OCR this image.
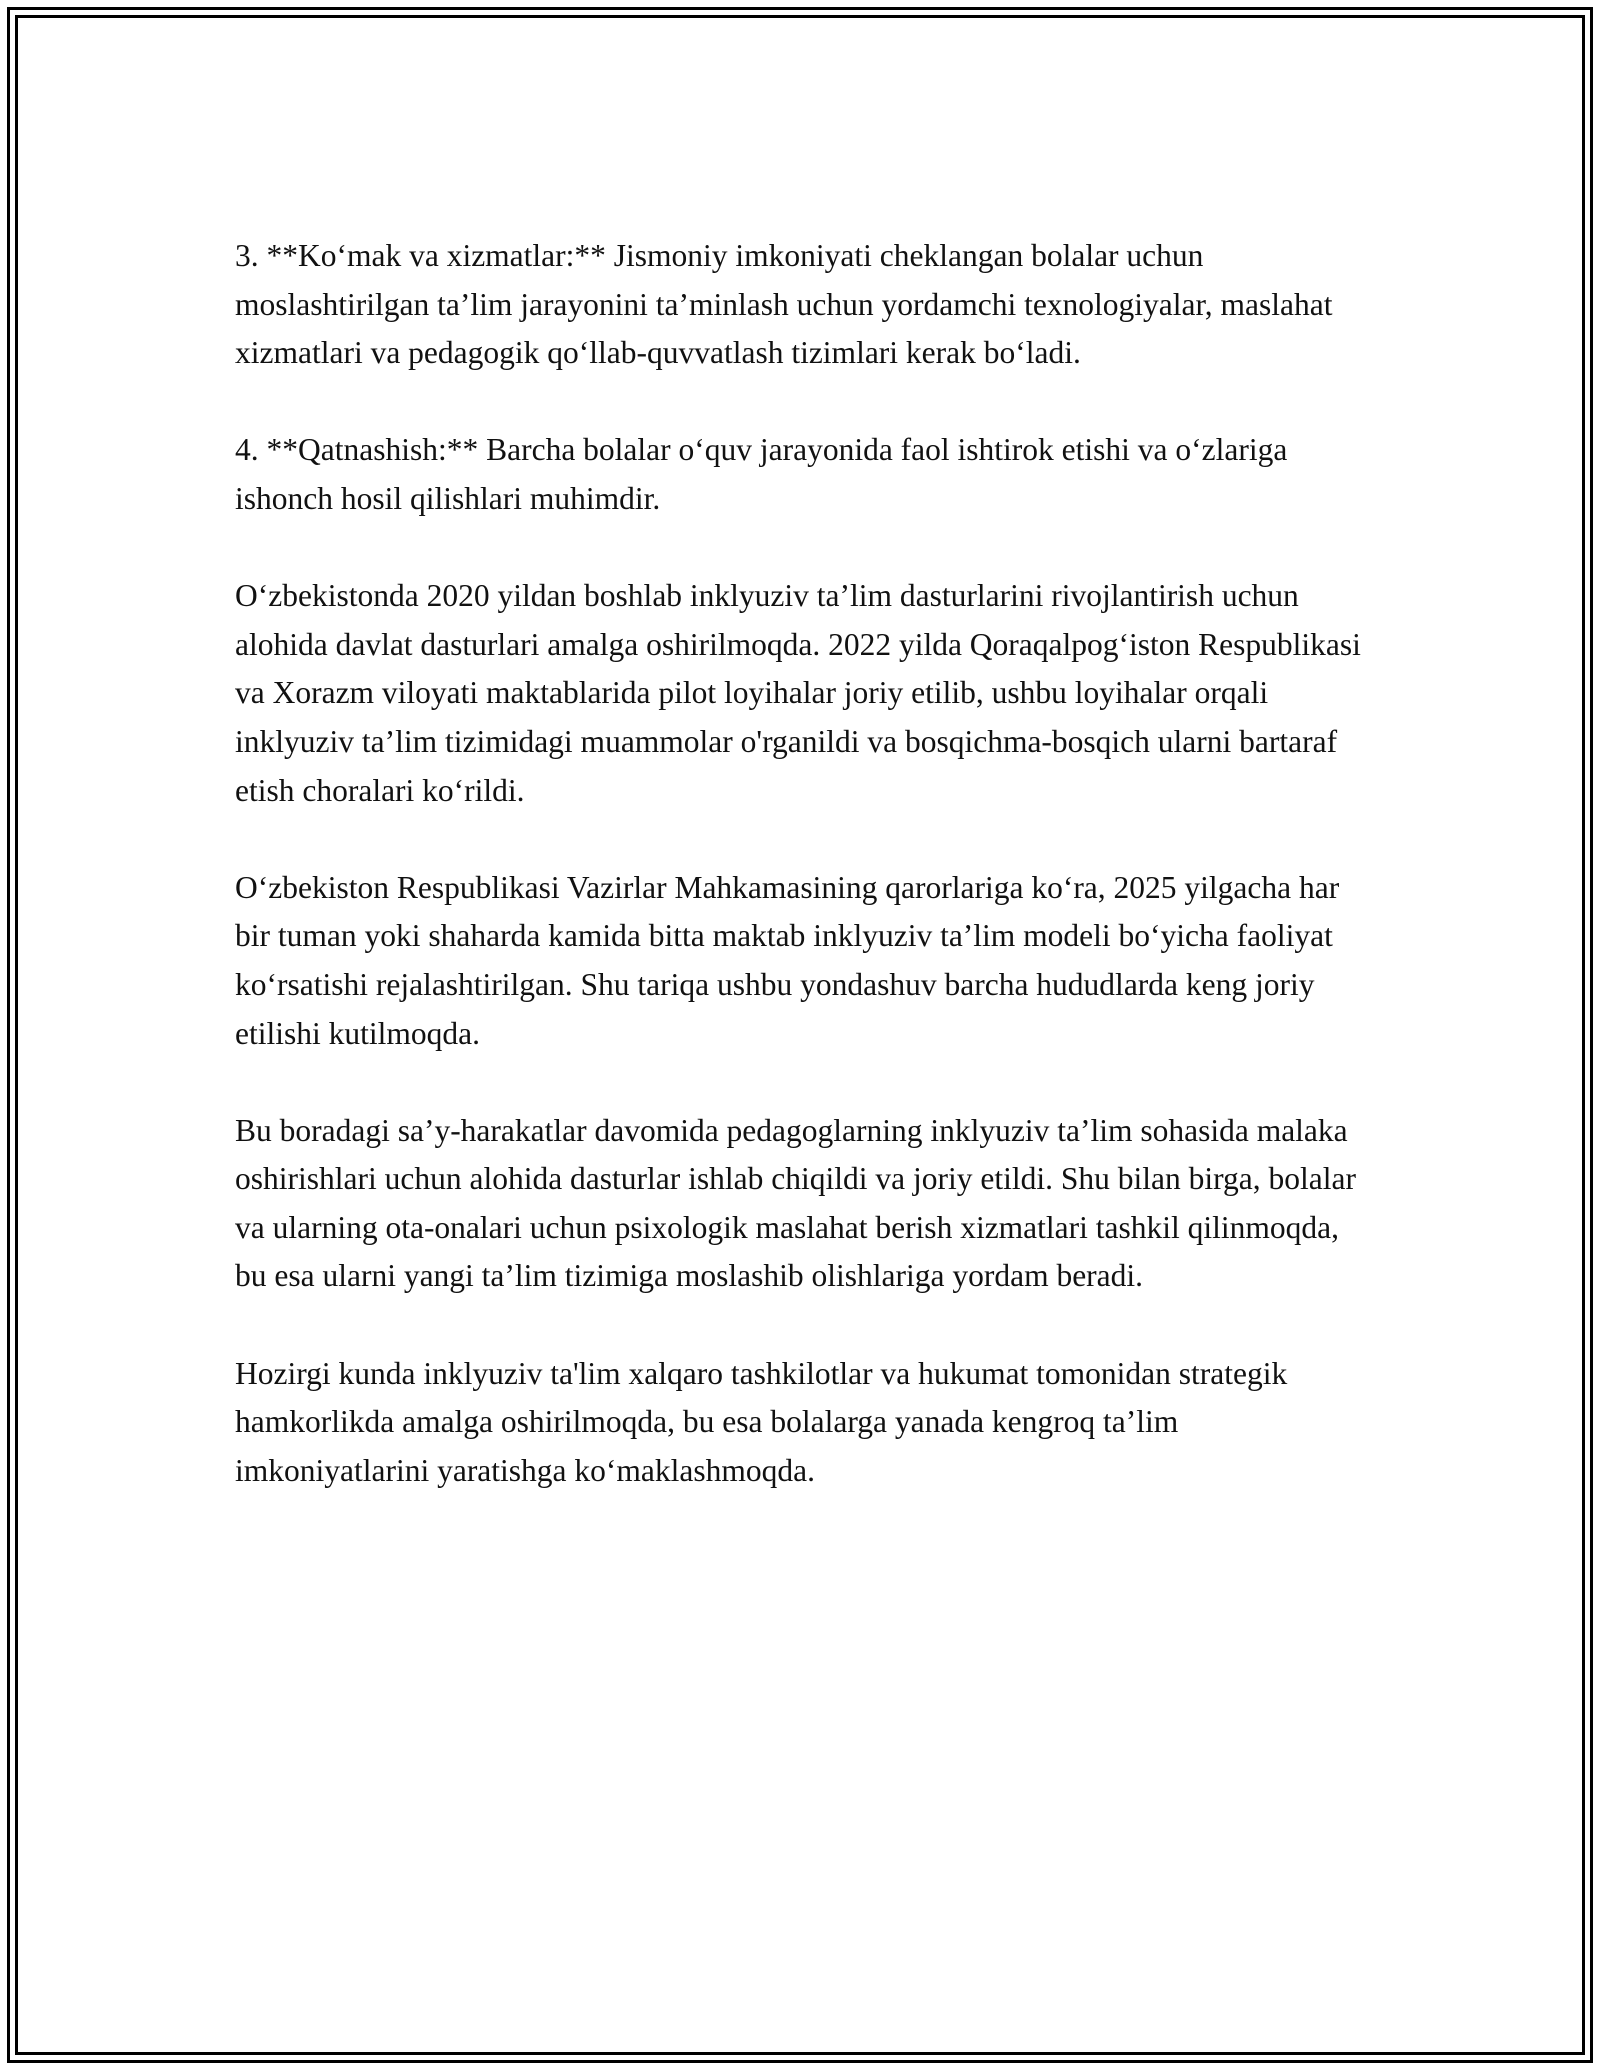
3. **Ko‘mak va xizmatlar:** Jismoniy imkoniyati cheklangan bolalar uchun moslashtirilgan ta’lim jarayonini ta’minlash uchun yordamchi texnologiyalar, maslahat xizmatlari va pedagogik qo‘llab-quvvatlash tizimlari kerak bo‘ladi.

4. **Qatnashish:** Barcha bolalar o‘quv jarayonida faol ishtirok etishi va o‘zlariga ishonch hosil qilishlari muhimdir.

O‘zbekistonda 2020 yildan boshlab inklyuziv ta’lim dasturlarini rivojlantirish uchun alohida davlat dasturlari amalga oshirilmoqda. 2022 yilda Qoraqalpog‘iston Respublikasi va Xorazm viloyati maktablarida pilot loyihalar joriy etilib, ushbu loyihalar orqali inklyuziv ta’lim tizimidagi muammolar o'rganildi va bosqichma-bosqich ularni bartaraf etish choralari ko‘rildi.

O‘zbekiston Respublikasi Vazirlar Mahkamasining qarorlariga ko‘ra, 2025 yilgacha har bir tuman yoki shaharda kamida bitta maktab inklyuziv ta’lim modeli bo‘yicha faoliyat ko‘rsatishi rejalashtirilgan. Shu tariqa ushbu yondashuv barcha hududlarda keng joriy etilishi kutilmoqda.

Bu boradagi sa’y-harakatlar davomida pedagoglarning inklyuziv ta’lim sohasida malaka oshirishlari uchun alohida dasturlar ishlab chiqildi va joriy etildi. Shu bilan birga, bolalar va ularning ota-onalari uchun psixologik maslahat berish xizmatlari tashkil qilinmoqda, bu esa ularni yangi ta’lim tizimiga moslashib olishlariga yordam beradi.

Hozirgi kunda inklyuziv ta'lim xalqaro tashkilotlar va hukumat tomonidan strategik hamkorlikda amalga oshirilmoqda, bu esa bolalarga yanada kengroq ta’lim imkoniyatlarini yaratishga ko‘maklashmoqda.
